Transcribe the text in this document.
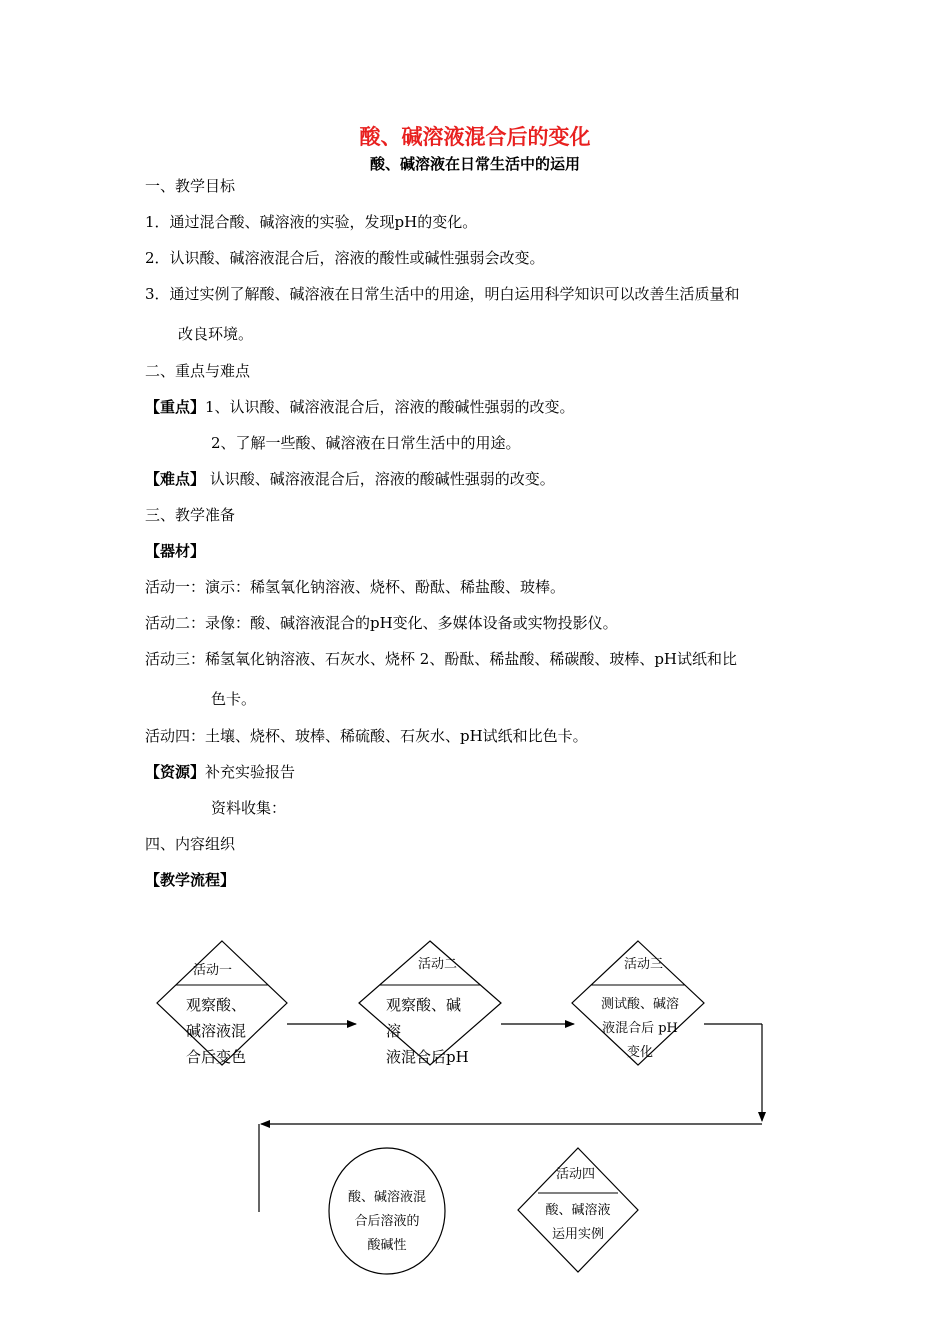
酸、碱溶液混合后的变化
酸、碱溶液在日常生活中的运用
一、教学目标
1．通过混合酸、碱溶液的实验，发现pH的变化。
2．认识酸、碱溶液混合后，溶液的酸性或碱性强弱会改变。
3．通过实例了解酸、碱溶液在日常生活中的用途，明白运用科学知识可以改善生活质量和
改良环境。
二、重点与难点
【重点】1、认识酸、碱溶液混合后，溶液的酸碱性强弱的改变。
2、了解一些酸、碱溶液在日常生活中的用途。
【难点】 认识酸、碱溶液混合后，溶液的酸碱性强弱的改变。
三、教学准备
【器材】
活动一：演示：稀氢氧化钠溶液、烧杯、酚酞、稀盐酸、玻棒。
活动二：录像：酸、碱溶液混合的pH变化、多媒体设备或实物投影仪。
活动三：稀氢氧化钠溶液、石灰水、烧杯 2、酚酞、稀盐酸、稀碳酸、玻棒、pH试纸和比
色卡。
活动四：土壤、烧杯、玻棒、稀硫酸、石灰水、pH试纸和比色卡。
【资源】补充实验报告
资料收集：
四、内容组织
【教学流程】
活动一
观察酸、
碱溶液混
合后变色
活动二
观察酸、碱
溶
液混合后pH
活动三
测试酸、碱溶
液混合后 pH
变化
酸、碱溶液混
合后溶液的
酸碱性
活动四
酸、碱溶液
运用实例
